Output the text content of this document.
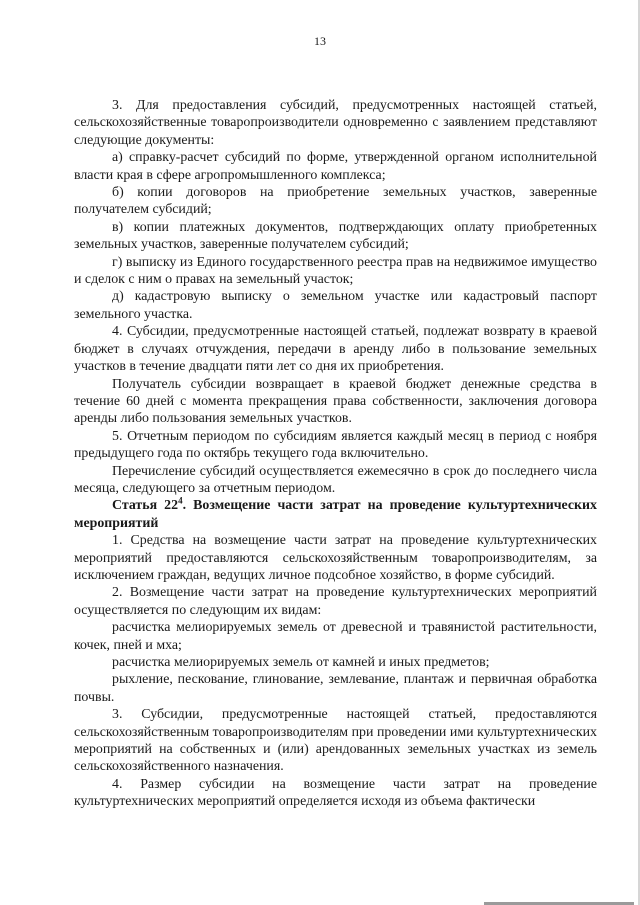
13

3. Для предоставления субсидий, предусмотренных настоящей статьей, сельскохозяйственные товаропроизводители одновременно с заявлением представляют следующие документы:

а) справку-расчет субсидий по форме, утвержденной органом исполнительной власти края в сфере агропромышленного комплекса;

б) копии договоров на приобретение земельных участков, заверенные получателем субсидий;

в) копии платежных документов, подтверждающих оплату приобретенных земельных участков, заверенные получателем субсидий;

г) выписку из Единого государственного реестра прав на недвижимое имущество и сделок с ним о правах на земельный участок;

д) кадастровую выписку о земельном участке или кадастровый паспорт земельного участка.

4. Субсидии, предусмотренные настоящей статьей, подлежат возврату в краевой бюджет в случаях отчуждения, передачи в аренду либо в пользование земельных участков в течение двадцати пяти лет со дня их приобретения.

Получатель субсидии возвращает в краевой бюджет денежные средства в течение 60 дней с момента прекращения права собственности, заключения договора аренды либо пользования земельных участков.

5. Отчетным периодом по субсидиям является каждый месяц в период с ноября предыдущего года по октябрь текущего года включительно.

Перечисление субсидий осуществляется ежемесячно в срок до последнего числа месяца, следующего за отчетным периодом.

Статья $22^4$. Возмещение части затрат на проведение культуртехнических мероприятий

1. Средства на возмещение части затрат на проведение культуртехнических мероприятий предоставляются сельскохозяйственным товаропроизводителям, за исключением граждан, ведущих личное подсобное хозяйство, в форме субсидий.

2. Возмещение части затрат на проведение культуртехнических мероприятий осуществляется по следующим их видам:

расчистка мелиорируемых земель от древесной и травянистой растительности, кочек, пней и мха;

расчистка мелиорируемых земель от камней и иных предметов;

рыхление, пескование, глинование, землевание, плантаж и первичная обработка почвы.

3. Субсидии, предусмотренные настоящей статьей, предоставляются сельскохозяйственным товаропроизводителям при проведении ими культуртехнических мероприятий на собственных и (или) арендованных земельных участках из земель сельскохозяйственного назначения.

4. Размер субсидии на возмещение части затрат на проведение культуртехнических мероприятий определяется исходя из объема фактически
